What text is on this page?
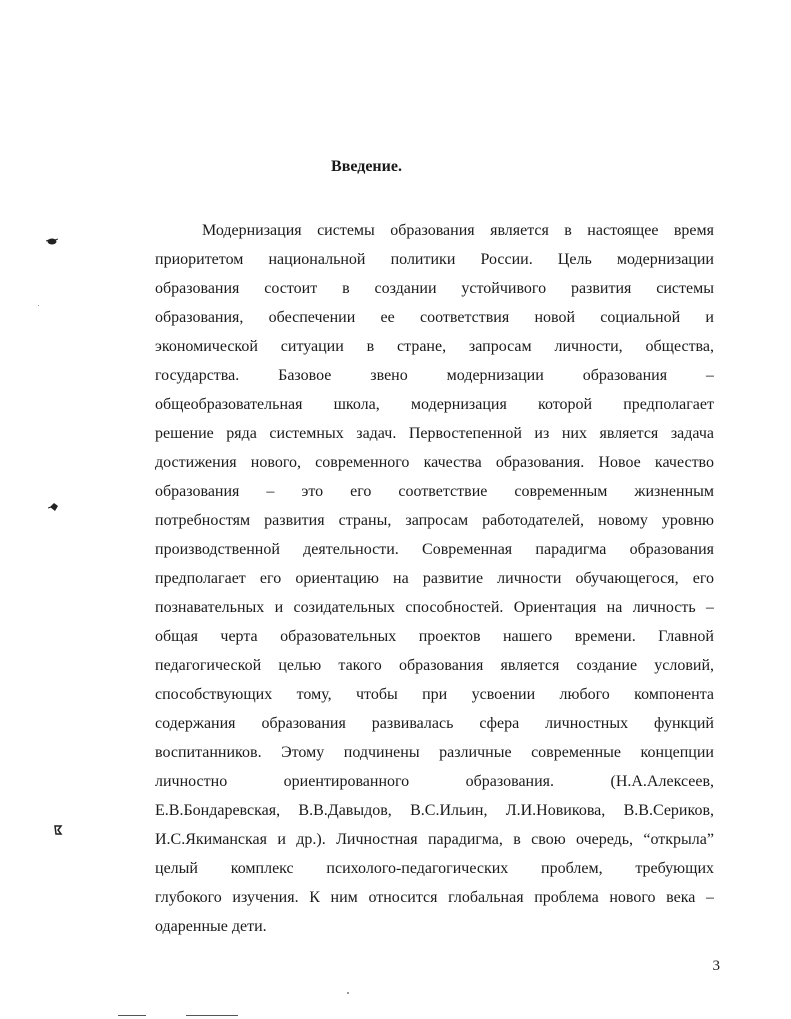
Введение.
Модернизация системы образования является в настоящее время
приоритетом национальной политики России. Цель модернизации
образования состоит в создании устойчивого развития системы
образования, обеспечении ее соответствия новой социальной и
экономической ситуации в стране, запросам личности, общества,
государства. Базовое звено модернизации образования –
общеобразовательная школа, модернизация которой предполагает
решение ряда системных задач. Первостепенной из них является задача
достижения нового, современного качества образования. Новое качество
образования – это его соответствие современным жизненным
потребностям развития страны, запросам работодателей, новому уровню
производственной деятельности. Современная парадигма образования
предполагает его ориентацию на развитие личности обучающегося, его
познавательных и созидательных способностей. Ориентация на личность –
общая черта образовательных проектов нашего времени. Главной
педагогической целью такого образования является создание условий,
способствующих тому, чтобы при усвоении любого компонента
содержания образования развивалась сфера личностных функций
воспитанников. Этому подчинены различные современные концепции
личностно ориентированного образования. (Н.А.Алексеев,
Е.В.Бондаревская, В.В.Давыдов, В.С.Ильин, Л.И.Новикова, В.В.Сериков,
И.С.Якиманская и др.). Личностная парадигма, в свою очередь, “открыла”
целый комплекс психолого-педагогических проблем, требующих
глубокого изучения. К ним относится глобальная проблема нового века –
одаренные дети.
3
